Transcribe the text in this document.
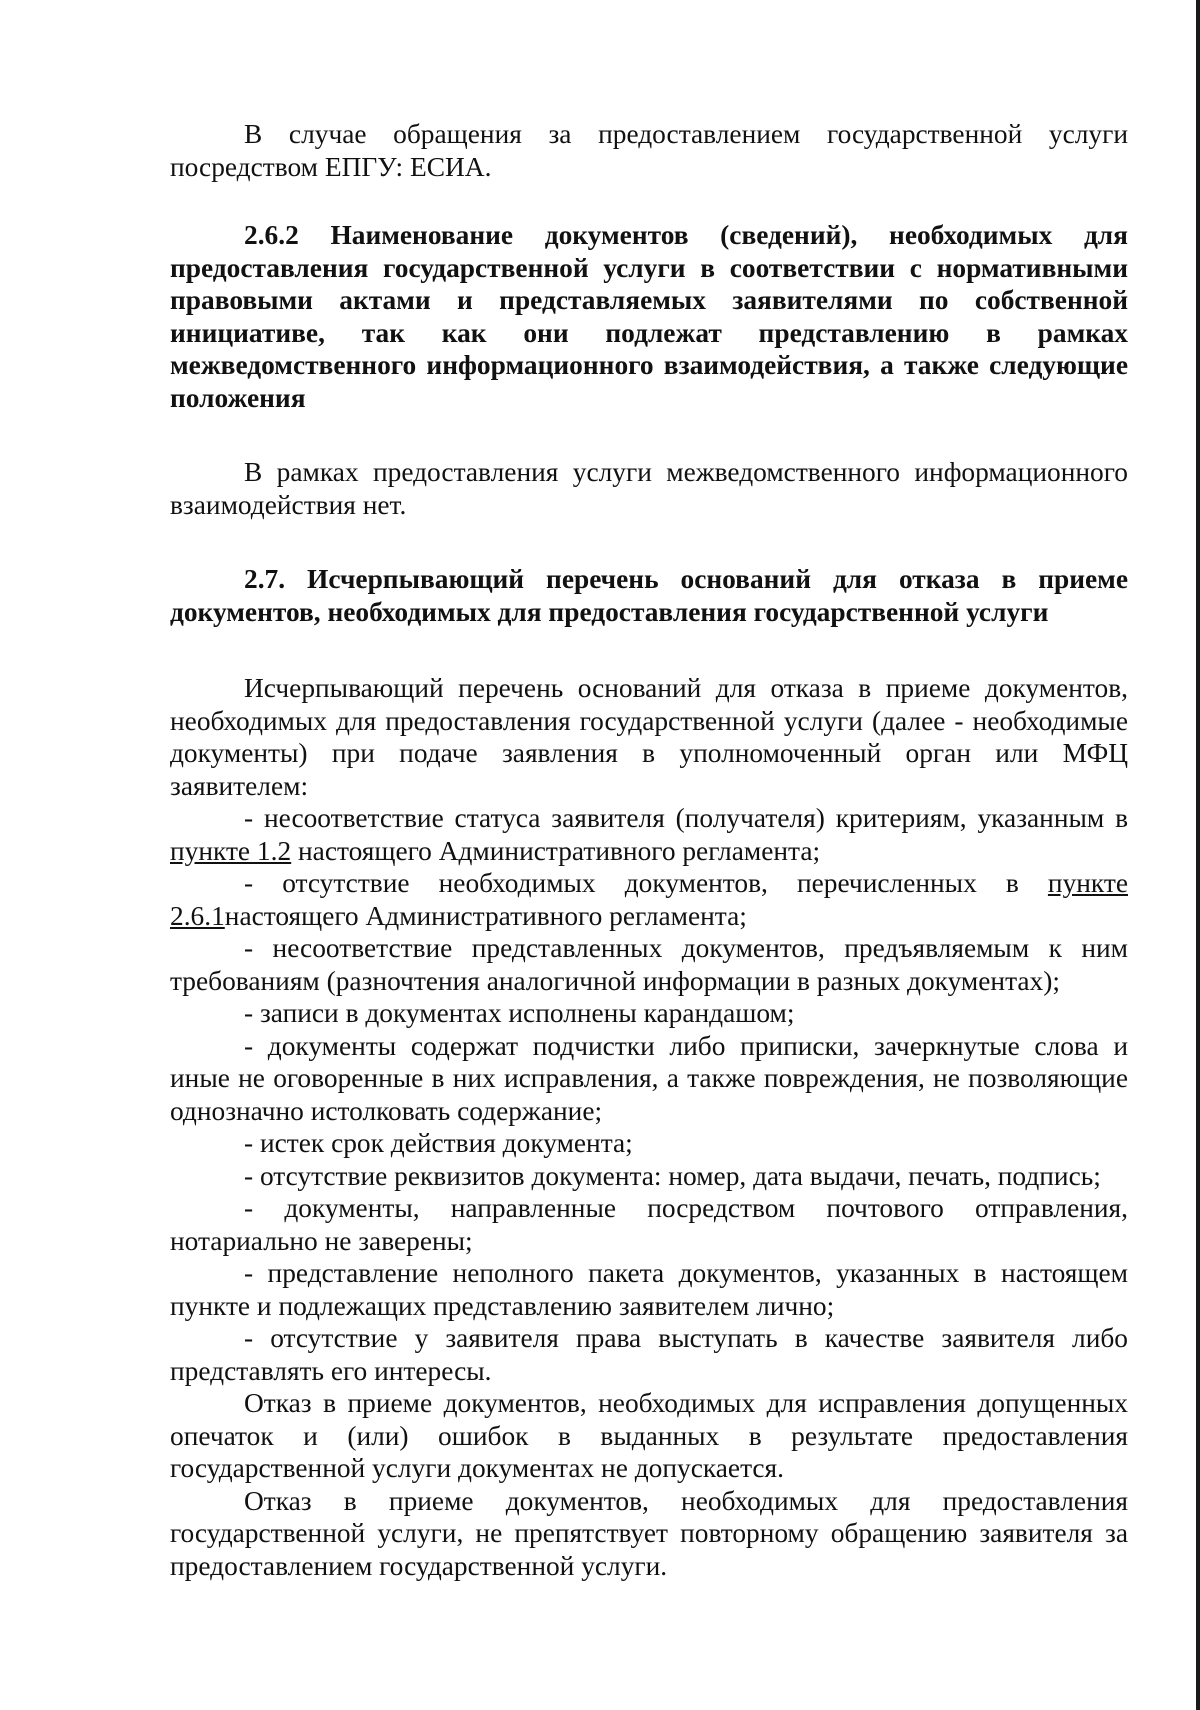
В случае обращения за предоставлением государственной услуги посредством ЕПГУ: ЕСИА.

2.6.2 Наименование документов (сведений), необходимых для предоставления государственной услуги в соответствии с нормативными правовыми актами и представляемых заявителями по собственной инициативе, так как они подлежат представлению в рамках межведомственного информационного взаимодействия, а также следующие положения

В рамках предоставления услуги межведомственного информационного взаимодействия нет.

2.7. Исчерпывающий перечень оснований для отказа в приеме документов, необходимых для предоставления государственной услуги

Исчерпывающий перечень оснований для отказа в приеме документов, необходимых для предоставления государственной услуги (далее - необходимые документы) при подаче заявления в уполномоченный орган или МФЦ заявителем:

- несоответствие статуса заявителя (получателя) критериям, указанным в пункте 1.2 настоящего Административного регламента;

- отсутствие необходимых документов, перечисленных в пункте 2.6.1настоящего Административного регламента;

- несоответствие представленных документов, предъявляемым к ним требованиям (разночтения аналогичной информации в разных документах);

- записи в документах исполнены карандашом;

- документы содержат подчистки либо приписки, зачеркнутые слова и иные не оговоренные в них исправления, а также повреждения, не позволяющие однозначно истолковать содержание;

- истек срок действия документа;

- отсутствие реквизитов документа: номер, дата выдачи, печать, подпись;

- документы, направленные посредством почтового отправления, нотариально не заверены;

- представление неполного пакета документов, указанных в настоящем пункте и подлежащих представлению заявителем лично;

- отсутствие у заявителя права выступать в качестве заявителя либо представлять его интересы.

Отказ в приеме документов, необходимых для исправления допущенных опечаток и (или) ошибок в выданных в результате предоставления государственной услуги документах не допускается.

Отказ в приеме документов, необходимых для предоставления государственной услуги, не препятствует повторному обращению заявителя за предоставлением государственной услуги.
